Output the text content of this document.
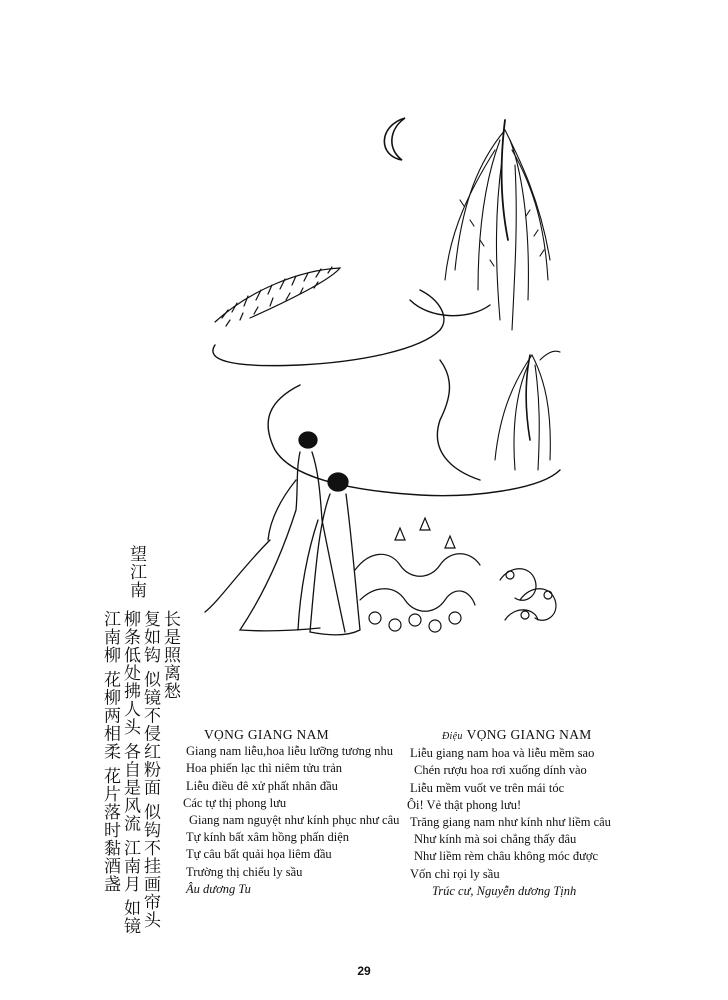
望江南
长是照离愁
复如钩 似镜不侵红粉面 似钩不挂画帘头
柳条低处拂人头 各自是风流 江南月 如镜
江南柳 花柳两相柔 花片落时黏酒盏	VỌNG GIANG NAM
Giang nam liễu,hoa liễu lưỡng tương nhu
Hoa phiến lạc thì niêm tửu trản
Liễu điều đê xử phất nhân đầu
Các tự thị phong lưu
Giang nam nguyệt như kính phục như câu
Tự kính bất xâm hồng phấn diện
Tự câu bất quải họa liêm đầu
Trường thị chiếu ly sầu
Âu dương Tu
Điệu VỌNG GIANG NAM
Liễu giang nam hoa và liễu mềm sao
Chén rượu hoa rơi xuống dính vào
Liễu mềm vuốt ve trên mái tóc
Ôi! Vẻ thật phong lưu!
Trăng giang nam như kính như liềm câu
Như kính mà soi chẳng thấy đâu
Như liềm rèm châu không móc được
Vốn chỉ rọi ly sầu
Trúc cư, Nguyễn dương Tịnh
29
